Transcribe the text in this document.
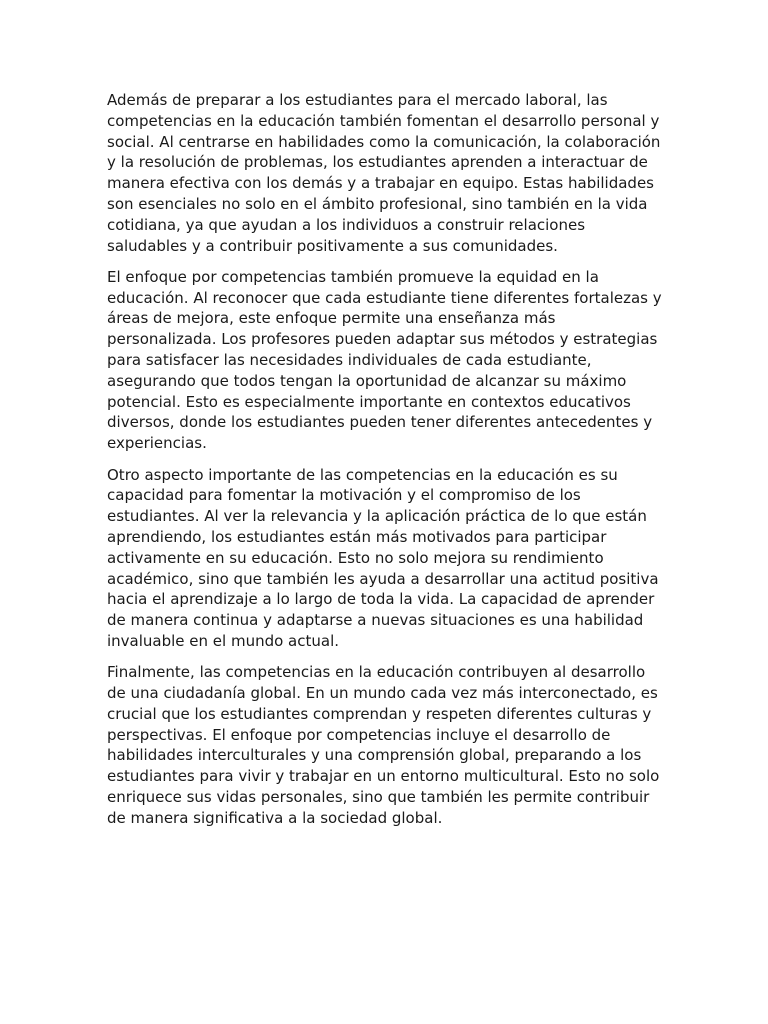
Además de preparar a los estudiantes para el mercado laboral, las competencias en la educación también fomentan el desarrollo personal y social. Al centrarse en habilidades como la comunicación, la colaboración y la resolución de problemas, los estudiantes aprenden a interactuar de manera efectiva con los demás y a trabajar en equipo. Estas habilidades son esenciales no solo en el ámbito profesional, sino también en la vida cotidiana, ya que ayudan a los individuos a construir relaciones saludables y a contribuir positivamente a sus comunidades.

El enfoque por competencias también promueve la equidad en la educación. Al reconocer que cada estudiante tiene diferentes fortalezas y áreas de mejora, este enfoque permite una enseñanza más personalizada. Los profesores pueden adaptar sus métodos y estrategias para satisfacer las necesidades individuales de cada estudiante, asegurando que todos tengan la oportunidad de alcanzar su máximo potencial. Esto es especialmente importante en contextos educativos diversos, donde los estudiantes pueden tener diferentes antecedentes y experiencias.

Otro aspecto importante de las competencias en la educación es su capacidad para fomentar la motivación y el compromiso de los estudiantes. Al ver la relevancia y la aplicación práctica de lo que están aprendiendo, los estudiantes están más motivados para participar activamente en su educación. Esto no solo mejora su rendimiento académico, sino que también les ayuda a desarrollar una actitud positiva hacia el aprendizaje a lo largo de toda la vida. La capacidad de aprender de manera continua y adaptarse a nuevas situaciones es una habilidad invaluable en el mundo actual.

Finalmente, las competencias en la educación contribuyen al desarrollo de una ciudadanía global. En un mundo cada vez más interconectado, es crucial que los estudiantes comprendan y respeten diferentes culturas y perspectivas. El enfoque por competencias incluye el desarrollo de habilidades interculturales y una comprensión global, preparando a los estudiantes para vivir y trabajar en un entorno multicultural. Esto no solo enriquece sus vidas personales, sino que también les permite contribuir de manera significativa a la sociedad global.
